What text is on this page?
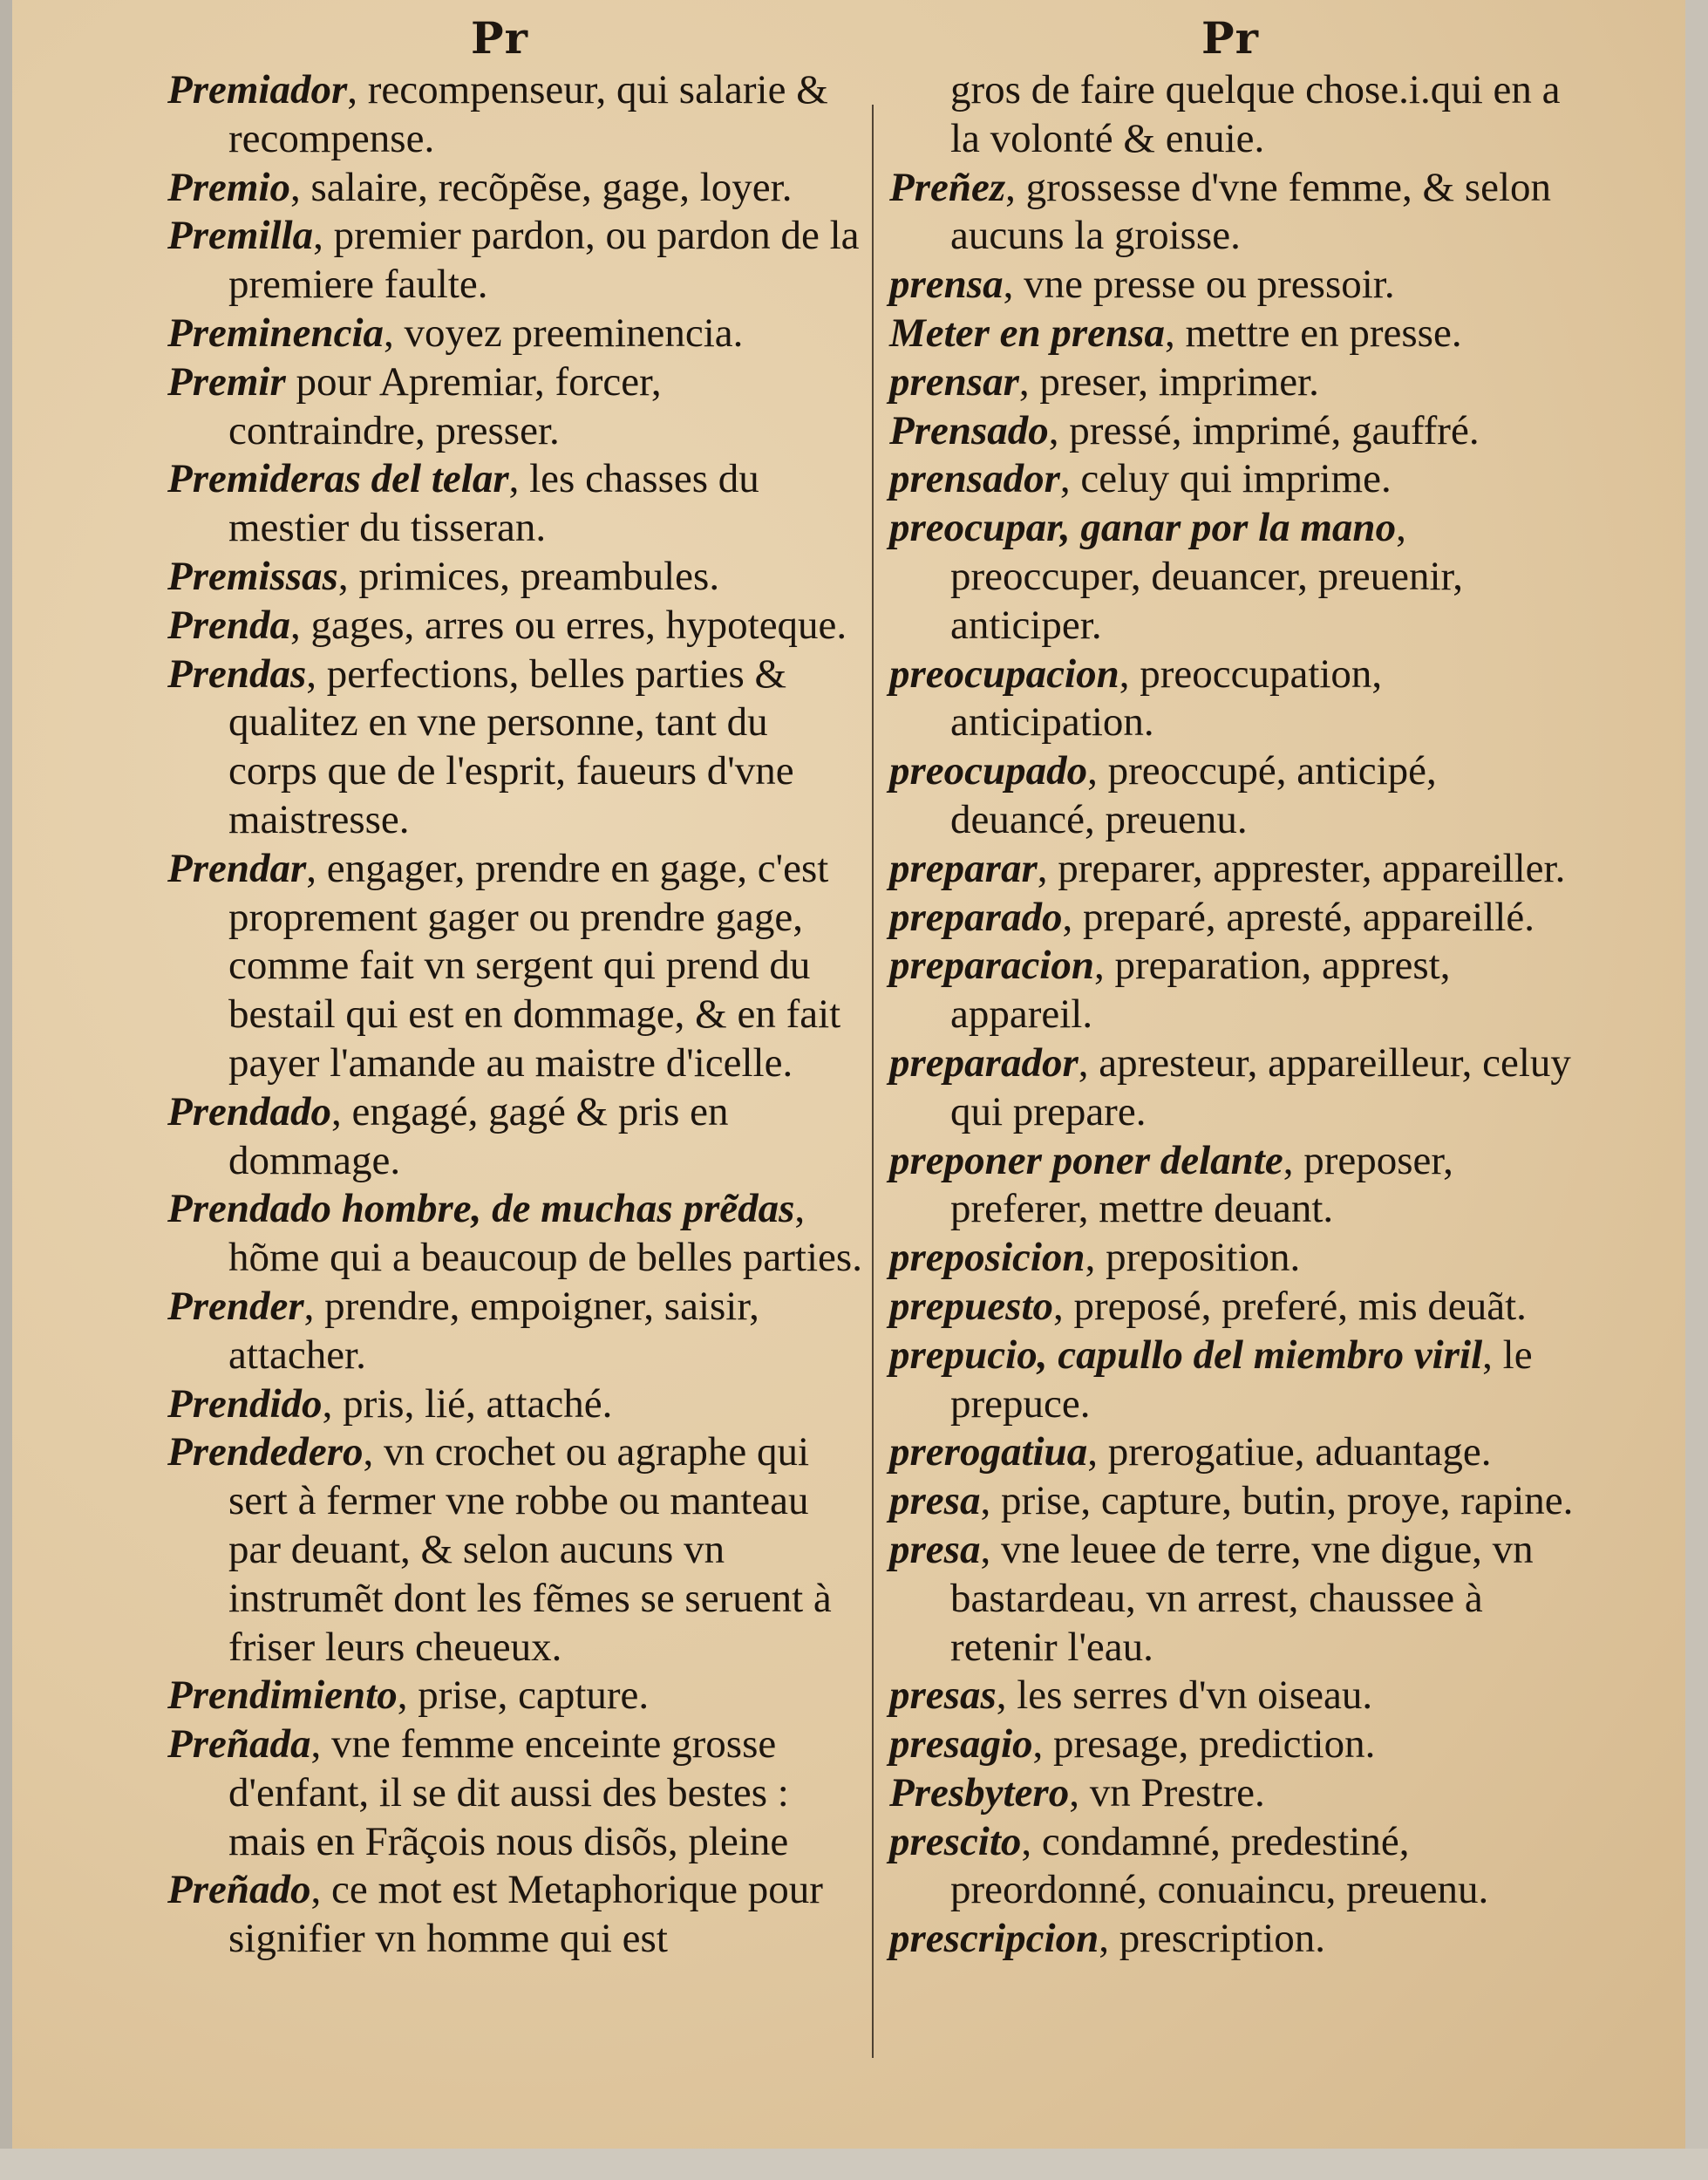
Pr	Pr

Premiador, recompenseur, qui salarie & recompense.

Premio, salaire, recõpẽse, gage, loyer.

Premilla, premier pardon, ou pardon de la premiere faulte.

Preminencia, voyez preeminencia.

Premir pour Apremiar, forcer, contraindre, presser.

Premideras del telar, les chasses du mestier du tisseran.

Premissas, primices, preambules.

Prenda, gages, arres ou erres, hypoteque.

Prendas, perfections, belles parties & qualitez en vne personne, tant du corps que de l'esprit, faueurs d'vne maistresse.

Prendar, engager, prendre en gage, c'est proprement gager ou prendre gage, comme fait vn sergent qui prend du bestail qui est en dommage, & en fait payer l'amande au maistre d'icelle.

Prendado, engagé, gagé & pris en dommage.

Prendado hombre, de muchas prẽdas, hõme qui a beaucoup de belles parties.

Prender, prendre, empoigner, saisir, attacher.

Prendido, pris, lié, attaché.

Prendedero, vn crochet ou agraphe qui sert à fermer vne robbe ou manteau par deuant, & selon aucuns vn instrumẽt dont les fẽmes se seruent à friser leurs cheueux.

Prendimiento, prise, capture.

Preñada, vne femme enceinte grosse d'enfant, il se dit aussi des bestes : mais en Frãçois nous disõs, pleine

Preñado, ce mot est Metaphorique pour signifier vn homme qui est

gros de faire quelque chose.i.qui en a la volonté & enuie.

Preñez, grossesse d'vne femme, & selon aucuns la groisse.

prensa, vne presse ou pressoir.

Meter en prensa, mettre en presse.

prensar, preser, imprimer.

Prensado, pressé, imprimé, gauffré.

prensador, celuy qui imprime.

preocupar, ganar por la mano, preoccuper, deuancer, preuenir, anticiper.

preocupacion, preoccupation, anticipation.

preocupado, preoccupé, anticipé, deuancé, preuenu.

preparar, preparer, apprester, appareiller.

preparado, preparé, apresté, appareillé.

preparacion, preparation, apprest, appareil.

preparador, apresteur, appareilleur, celuy qui prepare.

preponer poner delante, preposer, preferer, mettre deuant.

preposicion, preposition.

prepuesto, preposé, preferé, mis deuãt.

prepucio, capullo del miembro viril, le prepuce.

prerogatiua, prerogatiue, aduantage.

presa, prise, capture, butin, proye, rapine.

presa, vne leuee de terre, vne digue, vn bastardeau, vn arrest, chaussee à retenir l'eau.

presas, les serres d'vn oiseau.

presagio, presage, prediction.

Presbytero, vn Prestre.

prescito, condamné, predestiné, preordonné, conuaincu, preuenu.

prescripcion, prescription.
